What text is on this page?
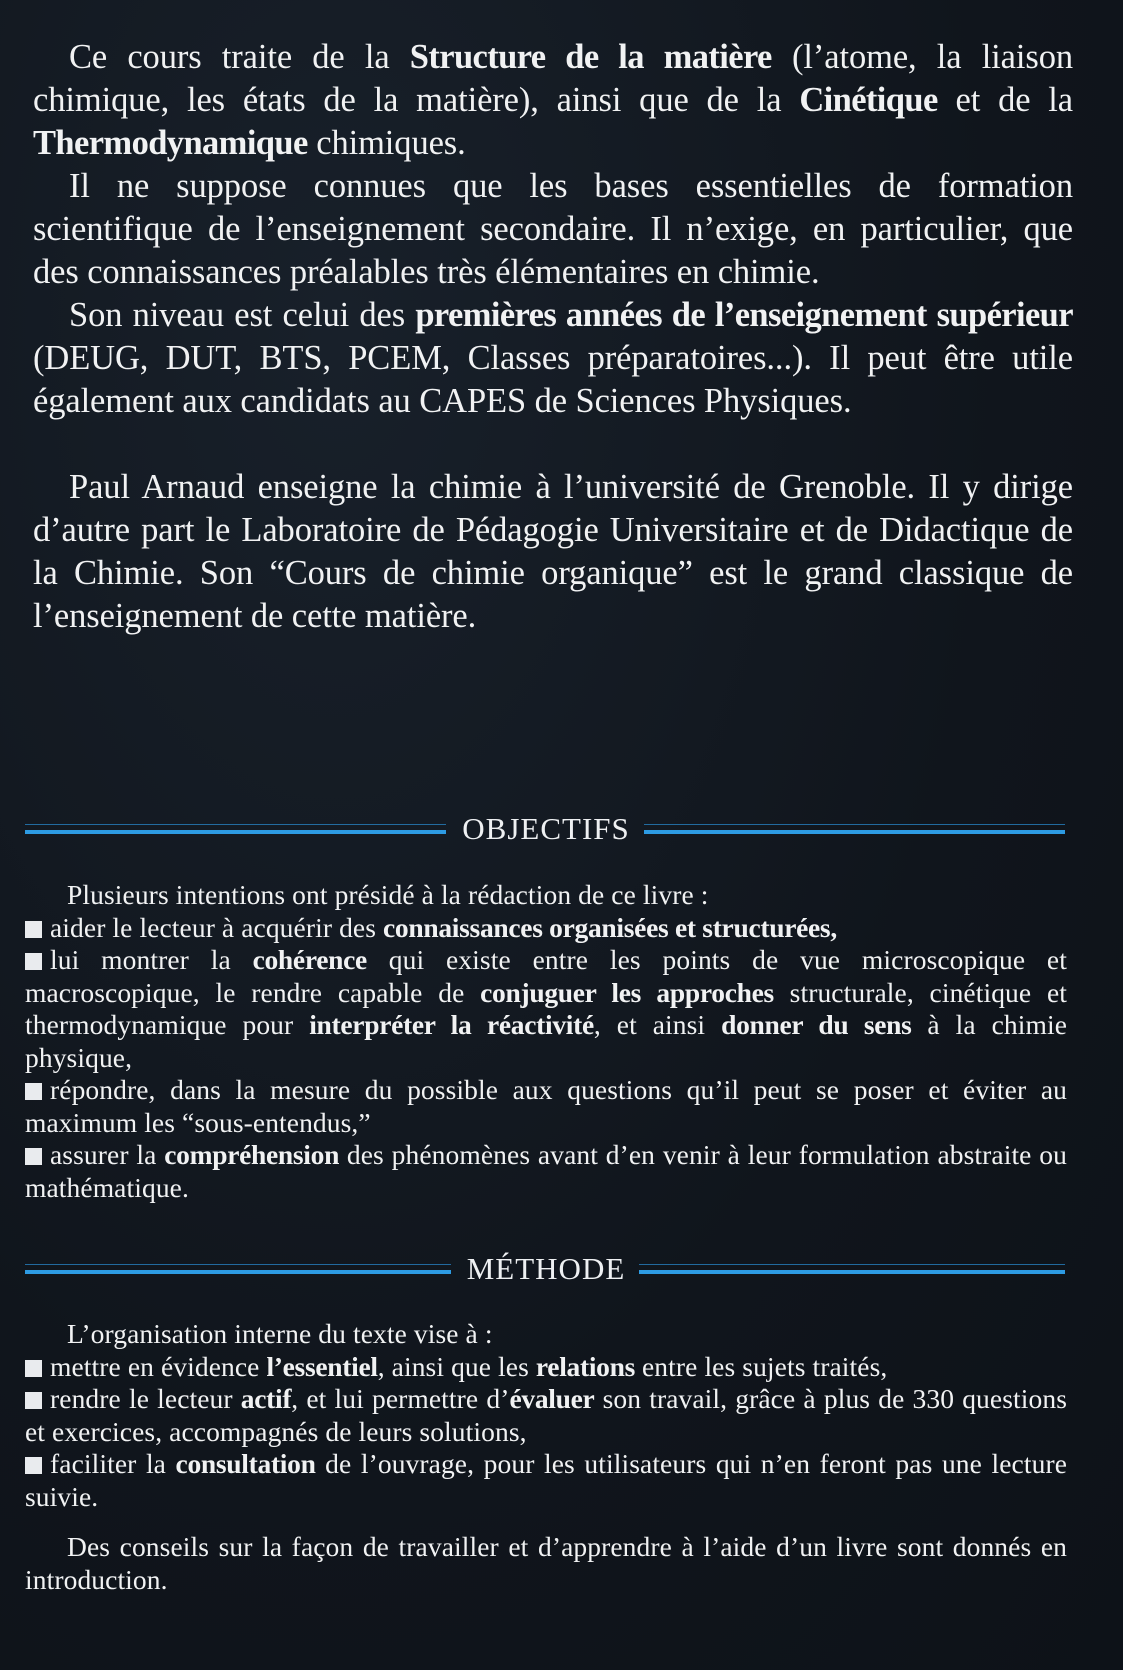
Ce cours traite de la Structure de la matière (l’atome, la liaison chimique, les états de la matière), ainsi que de la Cinétique et de la Thermodynamique chimiques.

Il ne suppose connues que les bases essentielles de formation scientifique de l’enseignement secondaire. Il n’exige, en particulier, que des connaissances préalables très élémentaires en chimie.

Son niveau est celui des premières années de l’enseignement supérieur (DEUG, DUT, BTS, PCEM, Classes préparatoires...). Il peut être utile également aux candidats au CAPES de Sciences Physiques.

Paul Arnaud enseigne la chimie à l’université de Grenoble. Il y dirige d’autre part le Laboratoire de Pédagogie Universitaire et de Didactique de la Chimie. Son “Cours de chimie organique” est le grand classique de l’enseignement de cette matière.

OBJECTIFS

Plusieurs intentions ont présidé à la rédaction de ce livre :

aider le lecteur à acquérir des connaissances organisées et structurées,

lui montrer la cohérence qui existe entre les points de vue microscopique et macroscopique, le rendre capable de conjuguer les approches structurale, cinétique et thermodynamique pour interpréter la réactivité, et ainsi donner du sens à la chimie physique,

répondre, dans la mesure du possible aux questions qu’il peut se poser et éviter au maximum les “sous-entendus,”

assurer la compréhension des phénomènes avant d’en venir à leur formulation abstraite ou mathématique.

MÉTHODE

L’organisation interne du texte vise à :

mettre en évidence l’essentiel, ainsi que les relations entre les sujets traités,

rendre le lecteur actif, et lui permettre d’évaluer son travail, grâce à plus de 330 questions et exercices, accompagnés de leurs solutions,

faciliter la consultation de l’ouvrage, pour les utilisateurs qui n’en feront pas une lecture suivie.

Des conseils sur la façon de travailler et d’apprendre à l’aide d’un livre sont donnés en introduction.
